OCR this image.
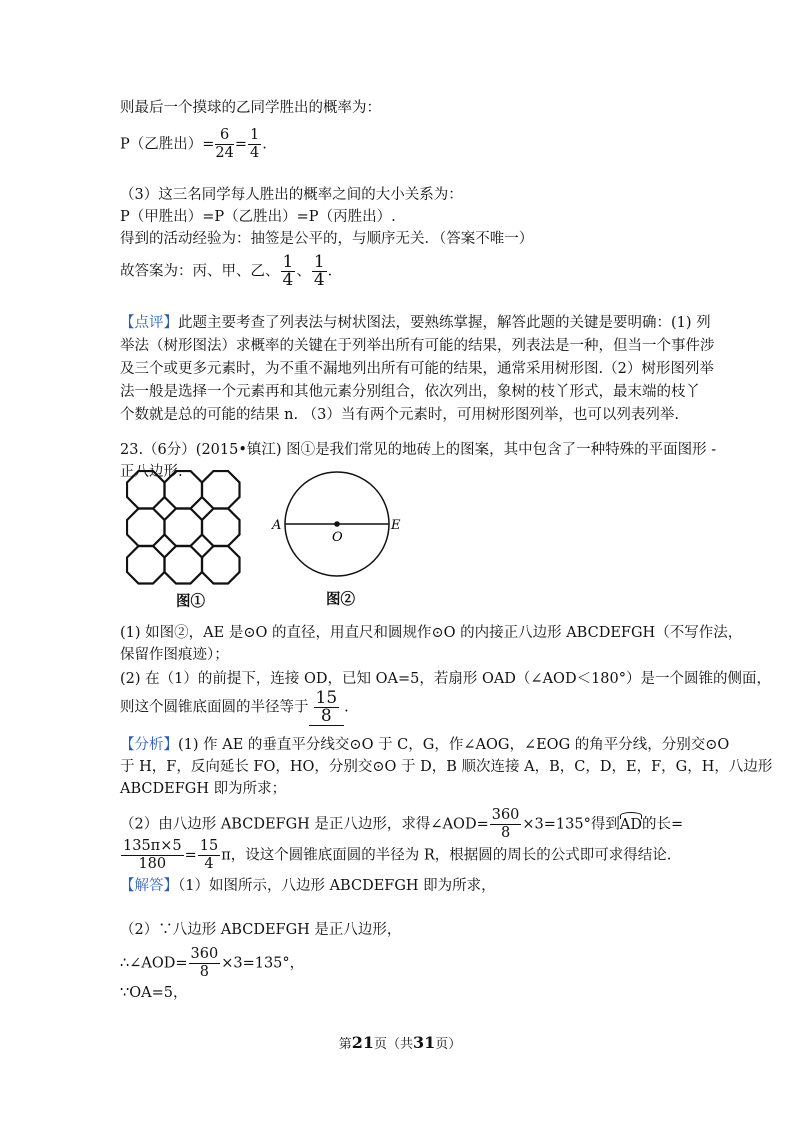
则最后一个摸球的乙同学胜出的概率为：
P（乙胜出）= $\frac{6}{24} = \frac{1}{4}$ .
（3）这三名同学每人胜出的概率之间的大小关系为：
P（甲胜出）=P（乙胜出）=P（丙胜出）.
得到的活动经验为：抽签是公平的，与顺序无关．（答案不唯一）
故答案为：丙、甲、乙、 $\frac{1}{4}$ 、 $\frac{1}{4}$ .
【点评】此题主要考查了列表法与树状图法，要熟练掌握，解答此题的关键是要明确：(1) 列
举法（树形图法）求概率的关键在于列举出所有可能的结果，列表法是一种，但当一个事件涉
及三个或更多元素时，为不重不漏地列出所有可能的结果，通常采用树形图.（2）树形图列举
法一般是选择一个元素再和其他元素分别组合，依次列出，象树的枝丫形式，最末端的枝丫
个数就是总的可能的结果 n. （3）当有两个元素时，可用树形图列举，也可以列表列举.
23.（6分）(2015•镇江) 图①是我们常见的地砖上的图案，其中包含了一种特殊的平面图形 -
正八边形.
图①
A	E
O
图②
(1) 如图②，AE 是⊙O 的直径，用直尺和圆规作⊙O 的内接正八边形 ABCDEFGH（不写作法，
保留作图痕迹）；
(2) 在（1）的前提下，连接 OD，已知 OA=5，若扇形 OAD（∠AOD＜180°）是一个圆锥的侧面，
则这个圆锥底面圆的半径等于 $\frac{15}{8}$ .
【分析】(1) 作 AE 的垂直平分线交⊙O 于 C，G，作∠AOG，∠EOG 的角平分线，分别交⊙O
于 H，F，反向延长 FO，HO，分别交⊙O 于 D，B 顺次连接 A，B，C，D，E，F，G，H，八边形
ABCDEFGH 即为所求；
（2）由八边形 ABCDEFGH 是正八边形，求得∠AOD= $\frac{360}{8} \times 3=135^\circ$得到AD的长=
$\frac{135\pi\times 5}{180} = \frac{15}{4}$ π，设这个圆锥底面圆的半径为 R，根据圆的周长的公式即可求得结论.
【解答】（1）如图所示，八边形 ABCDEFGH 即为所求，
（2）∵八边形 ABCDEFGH 是正八边形，
∴∠AOD= $\frac{360}{8} \times 3=135^\circ$，
∵OA=5，
第21页（共31页）
